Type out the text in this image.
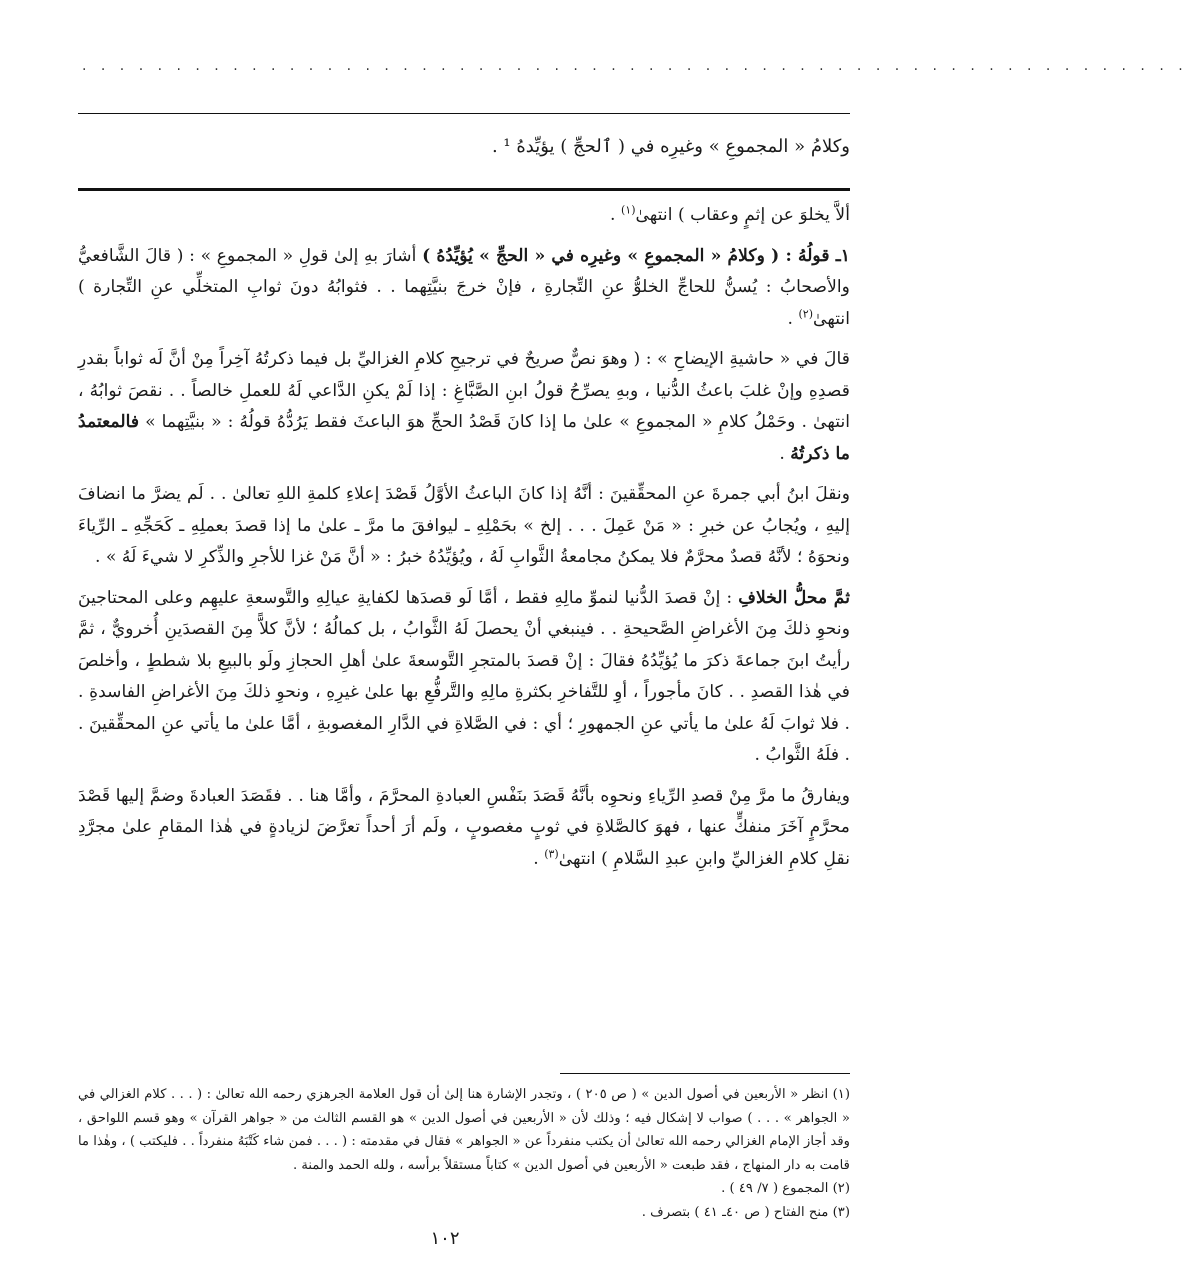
· · · · · · · · · · · · · · · · · · · · · · · · · · · · · · · · · · · · · · · · · · · · · · · · · · · · · · · · · · ·
وكلامُ « المجموعِ » وغيرِه في ( ٱلحجِّ ) يؤيِّدهُ ¹ .

ألاَّ يخلوَ عن إثمٍ وعقاب ) انتهىٰ$^{(١)}$ .

١ـ قولُهُ : ( وكلامُ « المجموعِ » وغيرِه في « الحجِّ » يُؤيِّدُهُ ) أشارَ بهِ إلىٰ قولِ « المجموعِ » : ( قالَ الشَّافعيُّ والأصحابُ : يُسنُّ للحاجِّ الخلوُّ عنِ التِّجارةِ ، فإنْ خرجَ بنيَّتِهما . . فثوابُهُ دونَ ثوابِ المتخلِّي عنِ التِّجارة ) انتهىٰ$^{(٢)}$ .

قالَ في « حاشيةِ الإيضاحِ » : ( وهوَ نصٌّ صريحٌ في ترجيحِ كلامِ الغزاليِّ بل فيما ذكرتُهُ آخِراً مِنْ أنَّ لَه ثواباً بقدرِ قصدِهِ وإنْ غلبَ باعثُ الدُّنيا ، وبهِ يصرِّحُ قولُ ابنِ الصَّبَّاغِ : إذا لَمْ يكنِ الدَّاعي لَهُ للعملِ خالصاً . . نقصَ ثوابُهُ ، انتهىٰ . وحَمْلُ كلامِ « المجموعِ » علىٰ ما إذا كانَ قَصْدُ الحجِّ هوَ الباعثَ فقط يَرُدُّهُ قولُهُ : « بنيَّتِهما » فالمعتمدُ ما ذكرتُهُ .

ونقلَ ابنُ أبي جمرةَ عنِ المحقِّقينَ : أنَّهُ إذا كانَ الباعثُ الأوَّلُ قَصْدَ إعلاءِ كلمةِ اللهِ تعالىٰ . . لَم يضرَّ ما انضافَ إليهِ ، ويُجابُ عن خبرِ : « مَنْ عَمِلَ . . . إلخ » بحَمْلِهِ ـ ليوافقَ ما مرَّ ـ علىٰ ما إذا قصدَ بعملِهِ ـ كَحَجِّهِ ـ الرِّياءَ ونحوَهُ ؛ لأنَّهُ قصدٌ محرَّمٌ فلا يمكنُ مجامعةُ الثَّوابِ لَهُ ، ويُؤيِّدُهُ خبرُ : « أنَّ مَنْ غزا للأجرِ والذِّكرِ لا شيءَ لَهُ » .

ثمَّ محلُّ الخلافِ : إنْ قصدَ الدُّنيا لنموِّ مالِهِ فقط ، أمَّا لَو قصدَها لكفايةِ عيالِهِ والتَّوسعةِ عليهِم وعلى المحتاجينَ ونحوِ ذلكَ مِنَ الأغراضِ الصَّحيحةِ . . فينبغي أنْ يحصلَ لَهُ الثَّوابُ ، بل كمالُهُ ؛ لأنَّ كلاًّ مِنَ القصدَينِ أُخرويٌّ ، ثمَّ رأيتُ ابنَ جماعةَ ذكرَ ما يُؤيِّدُهُ فقالَ : إنْ قصدَ بالمتجرِ التَّوسعةَ علىٰ أهلِ الحجازِ ولَو بالبيعِ بلا شططٍ ، وأخلصَ في هٰذا القصدِ . . كانَ مأجوراً ، أوِ للتَّفاخرِ بكثرةِ مالِهِ والتَّرفُّعِ بها علىٰ غيرِهِ ، ونحوِ ذلكَ مِنَ الأغراضِ الفاسدةِ . . فلا ثوابَ لَهُ علىٰ ما يأتي عنِ الجمهورِ ؛ أي : في الصَّلاةِ في الدَّارِ المغصوبةِ ، أمَّا علىٰ ما يأتي عنِ المحقِّقينَ . . فلَهُ الثَّوابُ .

ويفارقُ ما مرَّ مِنْ قصدِ الرِّياءِ ونحوِه بأنَّهُ قَصَدَ بنَفْسِ العبادةِ المحرَّمَ ، وأمَّا هنا . . فقَصَدَ العبادةَ وضمَّ إليها قَصْدَ محرَّمٍ آخَرَ منفكٍّ عنها ، فهوَ كالصَّلاةِ في ثوبٍ مغصوبٍ ، ولَم أرَ أحداً تعرَّضَ لزيادةٍ في هٰذا المقامِ علىٰ مجرَّدِ نقلِ كلامِ الغزاليِّ وابنِ عبدِ السَّلامِ ) انتهىٰ$^{(٣)}$ .

(١) انظر « الأربعين في أصول الدين » ( ص ٢٠٥ ) ، وتجدر الإشارة هنا إلىٰ أن قول العلامة الجرهزي رحمه الله تعالىٰ : ( . . . كلام الغزالي في « الجواهر » . . . ) صواب لا إشكال فيه ؛ وذلك لأن « الأربعين في أصول الدين » هو القسم الثالث من « جواهر القرآن » وهو قسم اللواحق ، وقد أجاز الإمام الغزالي رحمه الله تعالىٰ أن يكتب منفرداً عن « الجواهر » فقال في مقدمته : ( . . . فمن شاء كَتْبَهُ منفرداً . . فليكتب ) ، وهٰذا ما قامت به دار المنهاج ، فقد طبعت « الأربعين في أصول الدين » كتاباً مستقلاً برأسه ، ولله الحمد والمنة .

(٢) المجموع ( ٧/ ٤٩ ) .

(٣) منح الفتاح ( ص ٤٠ـ ٤١ ) بتصرف .

١٠٢
